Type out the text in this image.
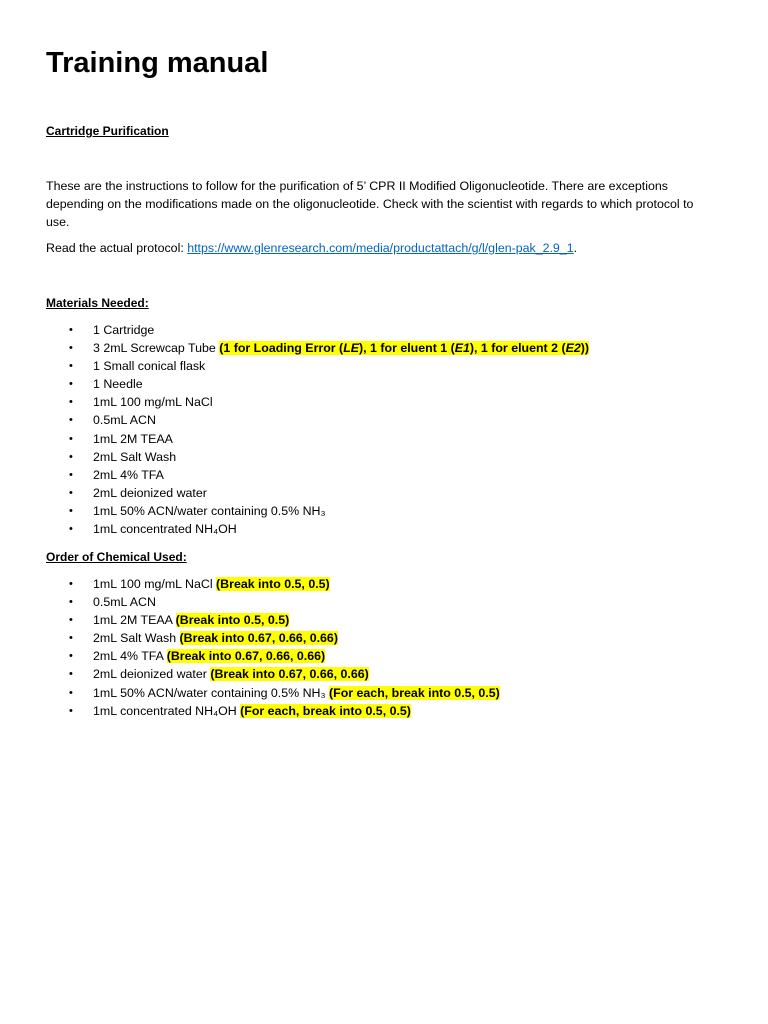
Training manual
Cartridge Purification

These are the instructions to follow for the purification of 5’ CPR II Modified Oligonucleotide. There are exceptions depending on the modifications made on the oligonucleotide. Check with the scientist with regards to which protocol to use.

Read the actual protocol: https://www.glenresearch.com/media/productattach/g/l/glen-pak_2.9_1.

Materials Needed:
• 1 Cartridge
• 3 2mL Screwcap Tube (1 for Loading Error (LE), 1 for eluent 1 (E1), 1 for eluent 2 (E2))
• 1 Small conical flask
• 1 Needle
• 1mL 100 mg/mL NaCl
• 0.5mL ACN
• 1mL 2M TEAA
• 2mL Salt Wash
• 2mL 4% TFA
• 2mL deionized water
• 1mL 50% ACN/water containing 0.5% NH₃
• 1mL concentrated NH₄OH
Order of Chemical Used:
• 1mL 100 mg/mL NaCl (Break into 0.5, 0.5)
• 0.5mL ACN
• 1mL 2M TEAA (Break into 0.5, 0.5)
• 2mL Salt Wash (Break into 0.67, 0.66, 0.66)
• 2mL 4% TFA (Break into 0.67, 0.66, 0.66)
• 2mL deionized water (Break into 0.67, 0.66, 0.66)
• 1mL 50% ACN/water containing 0.5% NH₃ (For each, break into 0.5, 0.5)
• 1mL concentrated NH₄OH (For each, break into 0.5, 0.5)
